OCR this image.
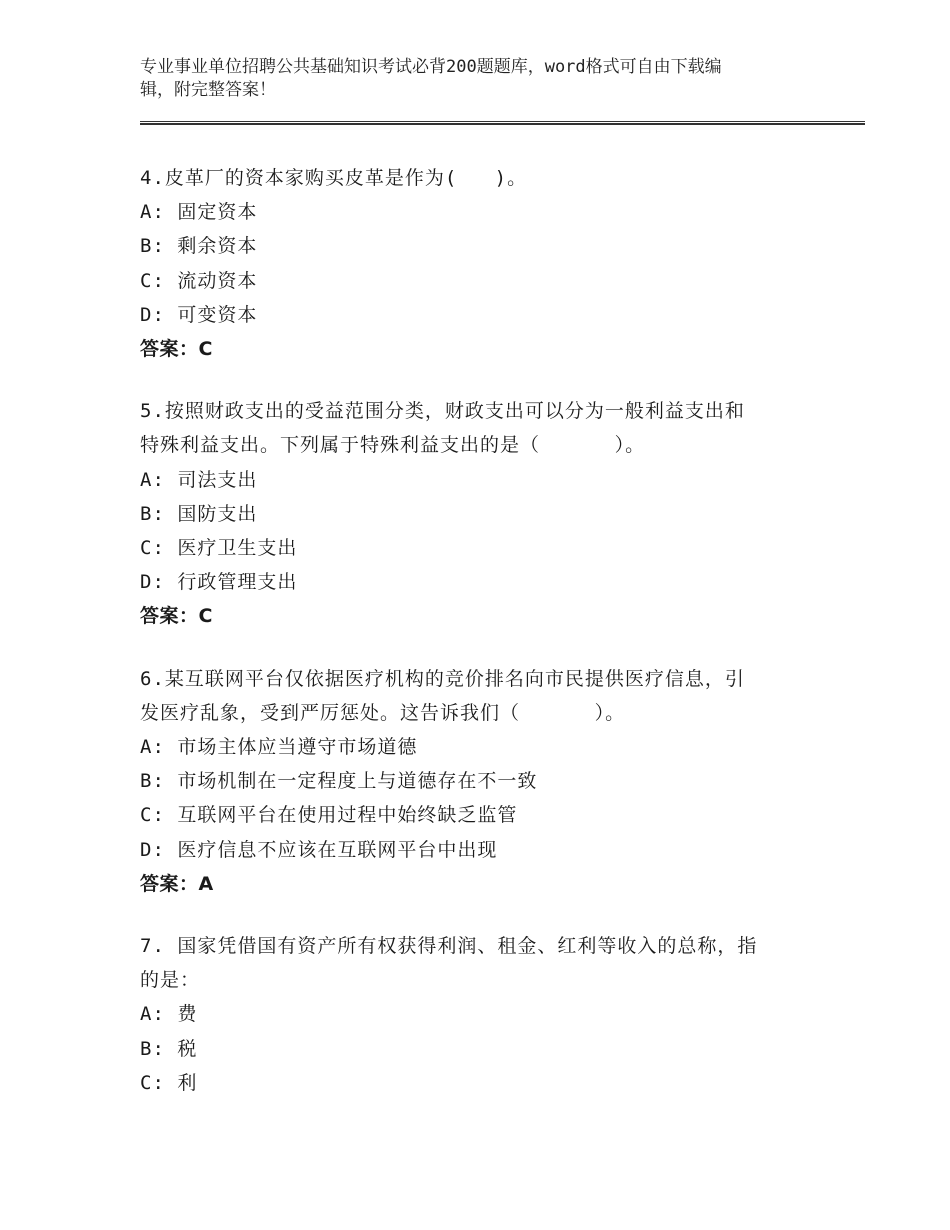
专业事业单位招聘公共基础知识考试必背200题题库，word格式可自由下载编
辑，附完整答案！
4.皮革厂的资本家购买皮革是作为(   )。
A: 固定资本
B: 剩余资本
C: 流动资本
D: 可变资本
答案：C
5.按照财政支出的受益范围分类，财政支出可以分为一般利益支出和
特殊利益支出。下列属于特殊利益支出的是（      ）。
A: 司法支出
B: 国防支出
C: 医疗卫生支出
D: 行政管理支出
答案：C
6.某互联网平台仅依据医疗机构的竞价排名向市民提供医疗信息，引
发医疗乱象，受到严厉惩处。这告诉我们（      ）。
A: 市场主体应当遵守市场道德
B: 市场机制在一定程度上与道德存在不一致
C: 互联网平台在使用过程中始终缺乏监管
D: 医疗信息不应该在互联网平台中出现
答案：A
7. 国家凭借国有资产所有权获得利润、租金、红利等收入的总称，指
的是：
A: 费
B: 税
C: 利
